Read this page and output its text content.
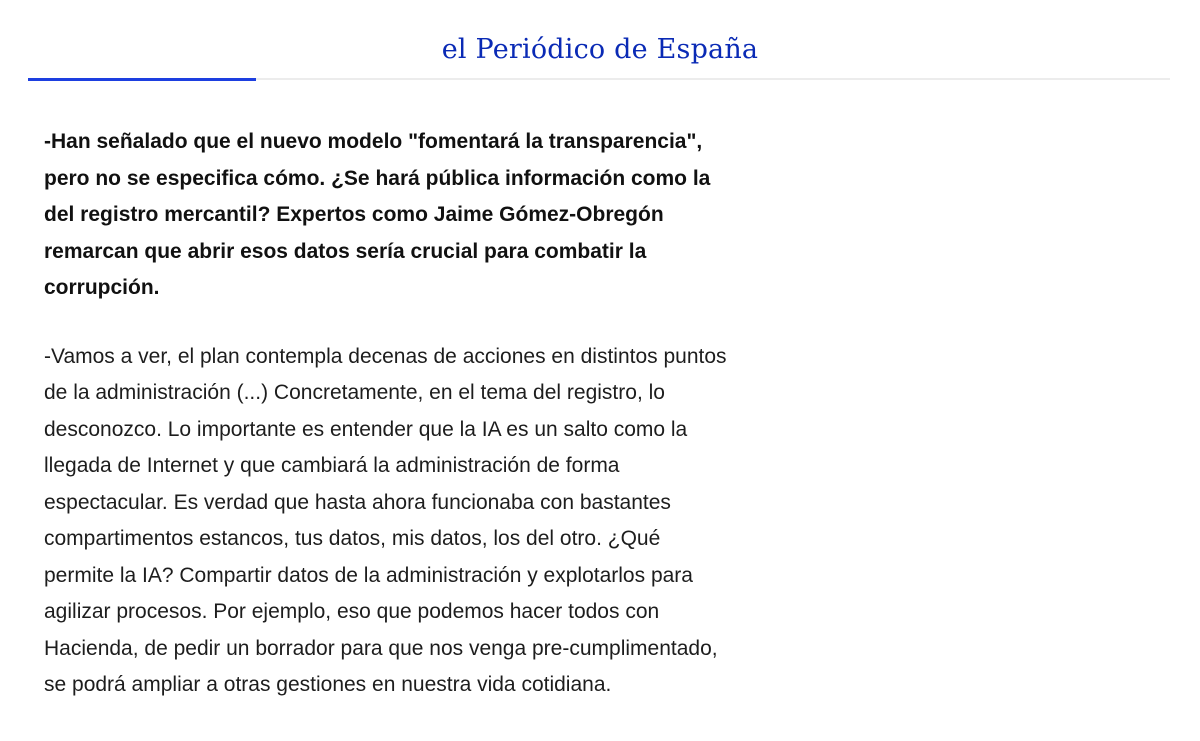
el Periódico de España

-Han señalado que el nuevo modelo "fomentará la transparencia",
pero no se especifica cómo. ¿Se hará pública información como la
del registro mercantil? Expertos como Jaime Gómez-Obregón
remarcan que abrir esos datos sería crucial para combatir la
corrupción.

-Vamos a ver, el plan contempla decenas de acciones en distintos puntos
de la administración (...) Concretamente, en el tema del registro, lo
desconozco. Lo importante es entender que la IA es un salto como la
llegada de Internet y que cambiará la administración de forma
espectacular. Es verdad que hasta ahora funcionaba con bastantes
compartimentos estancos, tus datos, mis datos, los del otro. ¿Qué
permite la IA? Compartir datos de la administración y explotarlos para
agilizar procesos. Por ejemplo, eso que podemos hacer todos con
Hacienda, de pedir un borrador para que nos venga pre-cumplimentado,
se podrá ampliar a otras gestiones en nuestra vida cotidiana.
